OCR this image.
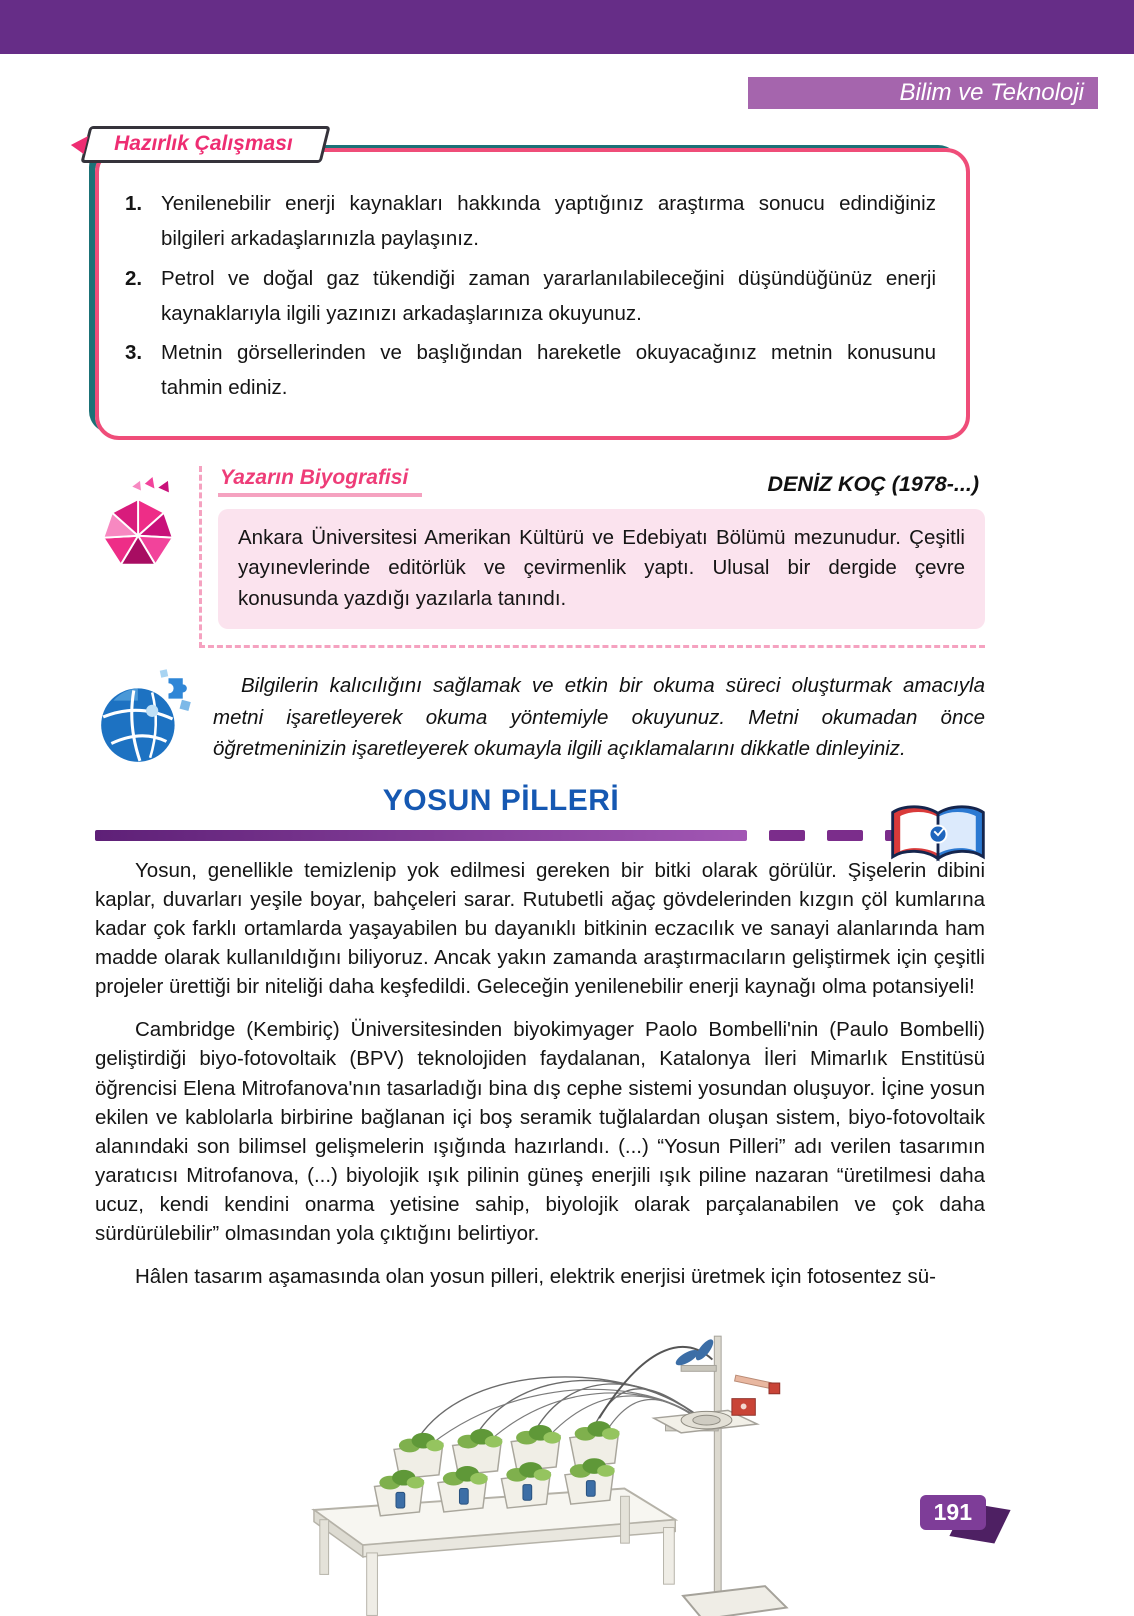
Bilim ve Teknoloji
Hazırlık Çalışması
1. Yenilenebilir enerji kaynakları hakkında yaptığınız araştırma sonucu edindiğiniz bilgileri arkadaşlarınızla paylaşınız.
2. Petrol ve doğal gaz tükendiği zaman yararlanılabileceğini düşündüğünüz enerji kaynaklarıyla ilgili yazınızı arkadaşlarınıza okuyunuz.
3. Metnin görsellerinden ve başlığından hareketle okuyacağınız metnin konusunu tahmin ediniz.
Yazarın Biyografisi	DENİZ KOÇ (1978-...)
Ankara Üniversitesi Amerikan Kültürü ve Edebiyatı Bölümü mezunudur. Çeşitli yayınevlerinde editörlük ve çevirmenlik yaptı. Ulusal bir dergide çevre konusunda yazdığı yazılarla tanındı.
Bilgilerin kalıcılığını sağlamak ve etkin bir okuma süreci oluşturmak amacıyla metni işaretleyerek okuma yöntemiyle okuyunuz. Metni okumadan önce öğretmeninizin işaretleyerek okumayla ilgili açıklamalarını dikkatle dinleyiniz.
YOSUN PİLLERİ

Yosun, genellikle temizlenip yok edilmesi gereken bir bitki olarak görülür. Şişelerin dibini kaplar, duvarları yeşile boyar, bahçeleri sarar. Rutubetli ağaç gövdelerinden kızgın çöl kumlarına kadar çok farklı ortamlarda yaşayabilen bu dayanıklı bitkinin eczacılık ve sanayi alanlarında ham madde olarak kullanıldığını biliyoruz. Ancak yakın zamanda araştırmacıların geliştirmek için çeşitli projeler ürettiği bir niteliği daha keşfedildi. Geleceğin yenilenebilir enerji kaynağı olma potansiyeli!

Cambridge (Kembiriç) Üniversitesinden biyokimyager Paolo Bombelli'nin (Paulo Bombelli) geliştirdiği biyo-fotovoltaik (BPV) teknolojiden faydalanan, Katalonya İleri Mimarlık Enstitüsü öğrencisi Elena Mitrofanova'nın tasarladığı bina dış cephe sistemi yosundan oluşuyor. İçine yosun ekilen ve kablolarla birbirine bağlanan içi boş seramik tuğlalardan oluşan sistem, biyo-fotovoltaik alanındaki son bilimsel gelişmelerin ışığında hazırlandı. (...) “Yosun Pilleri” adı verilen tasarımın yaratıcısı Mitrofanova, (...) biyolojik ışık pilinin güneş enerjili ışık piline nazaran “üretilmesi daha ucuz, kendi kendini onarma yetisine sahip, biyolojik olarak parçalanabilen ve çok daha sürdürülebilir” olmasından yola çıktığını belirtiyor.

Hâlen tasarım aşamasında olan yosun pilleri, elektrik enerjisi üretmek için fotosentez sü-

191
